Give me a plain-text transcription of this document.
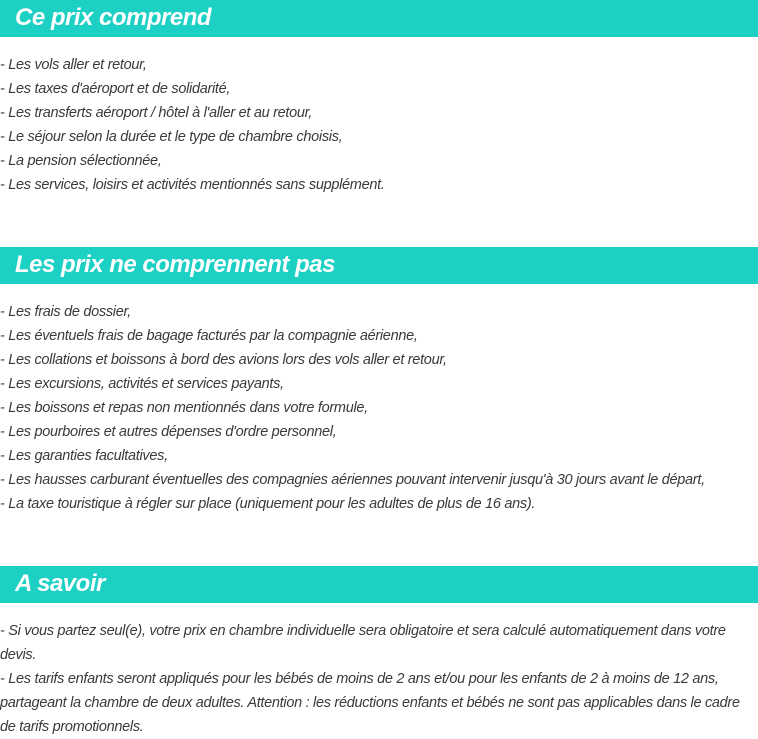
Ce prix comprend
- Les vols aller et retour,
- Les taxes d'aéroport et de solidarité,
- Les transferts aéroport / hôtel à l'aller et au retour,
- Le séjour selon la durée et le type de chambre choisis,
- La pension sélectionnée,
- Les services, loisirs et activités mentionnés sans supplément.
Les prix ne comprennent pas
- Les frais de dossier,
- Les éventuels frais de bagage facturés par la compagnie aérienne,
- Les collations et boissons à bord des avions lors des vols aller et retour,
- Les excursions, activités et services payants,
- Les boissons et repas non mentionnés dans votre formule,
- Les pourboires et autres dépenses d'ordre personnel,
- Les garanties facultatives,
- Les hausses carburant éventuelles des compagnies aériennes pouvant intervenir jusqu'à 30 jours avant le départ,
- La taxe touristique à régler sur place (uniquement pour les adultes de plus de 16 ans).
A savoir
- Si vous partez seul(e), votre prix en chambre individuelle sera obligatoire et sera calculé automatiquement dans votre devis.
- Les tarifs enfants seront appliqués pour les bébés de moins de 2 ans et/ou pour les enfants de 2 à moins de 12 ans, partageant la chambre de deux adultes. Attention : les réductions enfants et bébés ne sont pas applicables dans le cadre de tarifs promotionnels.
